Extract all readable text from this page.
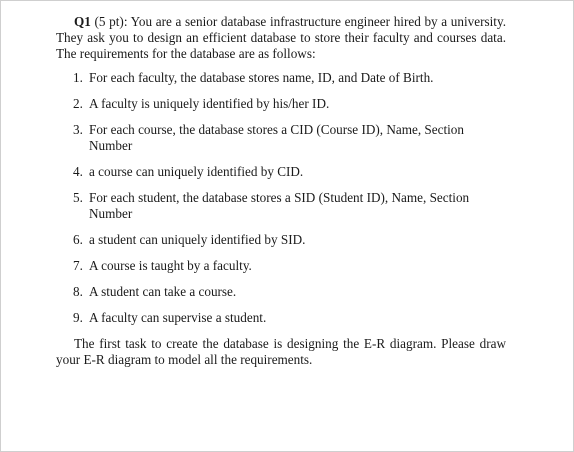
Q1 (5 pt): You are a senior database infrastructure engineer hired by a university. They ask you to design an efficient database to store their faculty and courses data. The requirements for the database are as follows:

1. For each faculty, the database stores name, ID, and Date of Birth.
2. A faculty is uniquely identified by his/her ID.
3. For each course, the database stores a CID (Course ID), Name, Section Number
4. a course can uniquely identified by CID.
5. For each student, the database stores a SID (Student ID), Name, Section Number
6. a student can uniquely identified by SID.
7. A course is taught by a faculty.
8. A student can take a course.
9. A faculty can supervise a student.

The first task to create the database is designing the E-R diagram. Please draw your E-R diagram to model all the requirements.
